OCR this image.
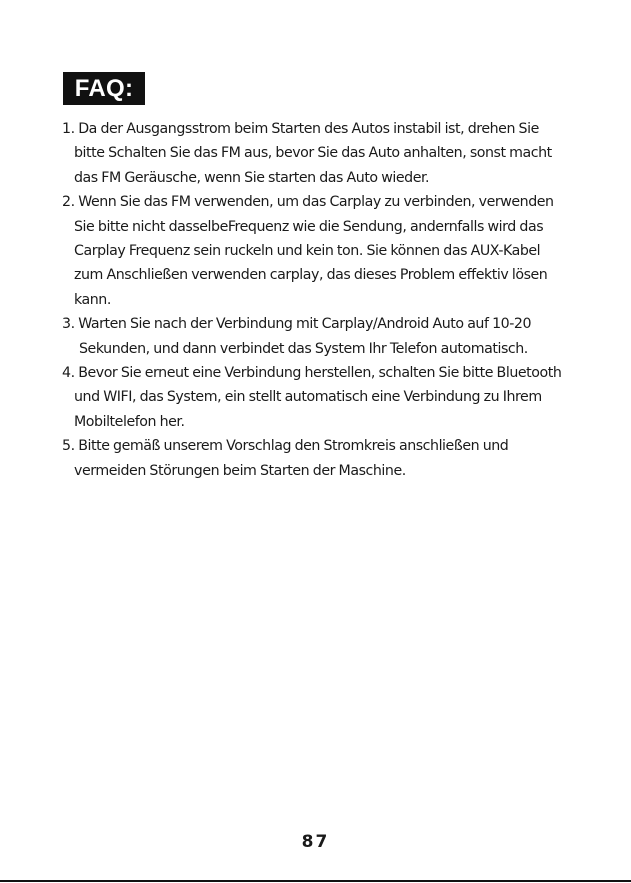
FAQ:
1. Da der Ausgangsstrom beim Starten des Autos instabil ist, drehen Sie
bitte Schalten Sie das FM aus, bevor Sie das Auto anhalten, sonst macht
das FM Geräusche, wenn Sie starten das Auto wieder.
2. Wenn Sie das FM verwenden, um das Carplay zu verbinden, verwenden
Sie bitte nicht dasselbeFrequenz wie die Sendung, andernfalls wird das
Carplay Frequenz sein ruckeln und kein ton. Sie können das AUX-Kabel
zum Anschließen verwenden carplay, das dieses Problem effektiv lösen
kann.
3. Warten Sie nach der Verbindung mit Carplay/Android Auto auf 10-20
Sekunden, und dann verbindet das System Ihr Telefon automatisch.
4. Bevor Sie erneut eine Verbindung herstellen, schalten Sie bitte Bluetooth
und WIFI, das System, ein stellt automatisch eine Verbindung zu Ihrem
Mobiltelefon her.
5. Bitte gemäß unserem Vorschlag den Stromkreis anschließen und
vermeiden Störungen beim Starten der Maschine.
87
